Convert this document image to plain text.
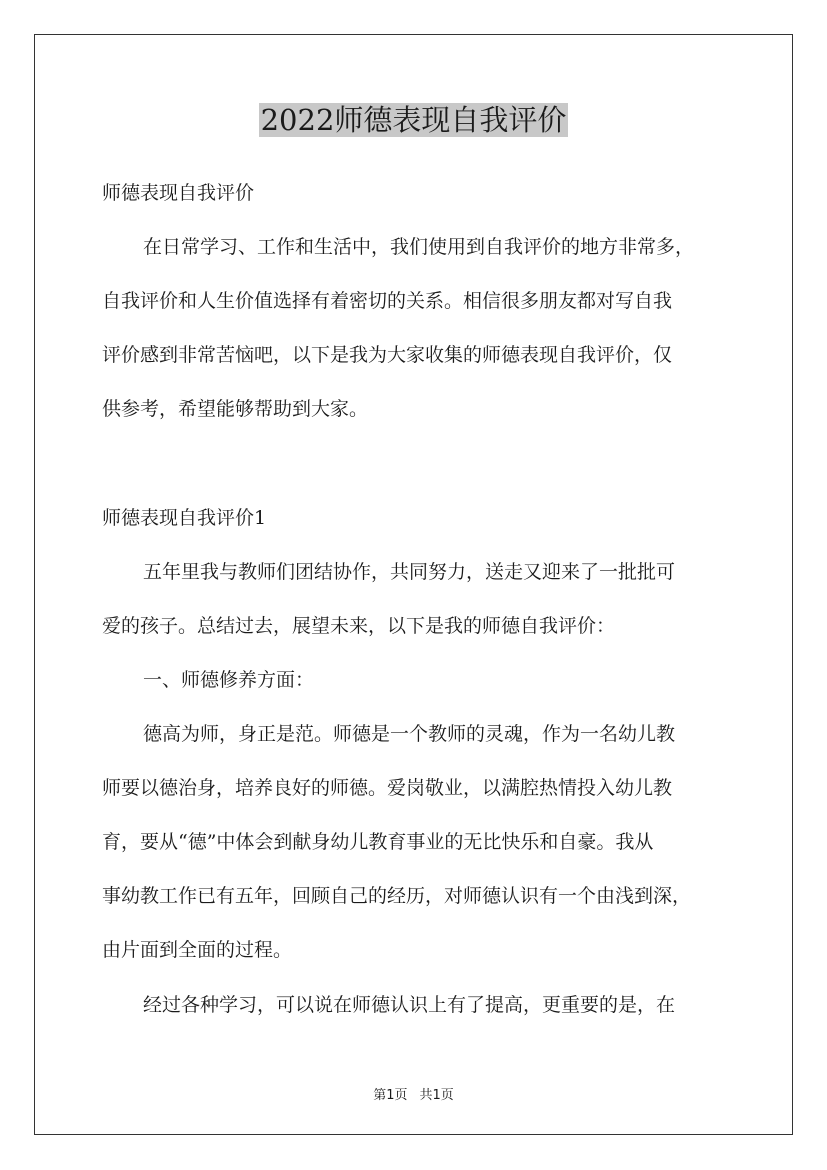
2022师德表现自我评价
师德表现自我评价
在日常学习、工作和生活中，我们使用到自我评价的地方非常多，
自我评价和人生价值选择有着密切的关系。相信很多朋友都对写自我
评价感到非常苦恼吧，以下是我为大家收集的师德表现自我评价，仅
供参考，希望能够帮助到大家。
师德表现自我评价1
五年里我与教师们团结协作，共同努力，送走又迎来了一批批可
爱的孩子。总结过去，展望未来，以下是我的师德自我评价：
一、师德修养方面：
德高为师，身正是范。师德是一个教师的灵魂，作为一名幼儿教
师要以德治身，培养良好的师德。爱岗敬业，以满腔热情投入幼儿教
育，要从“德”中体会到献身幼儿教育事业的无比快乐和自豪。我从
事幼教工作已有五年，回顾自己的经历，对师德认识有一个由浅到深，
由片面到全面的过程。
经过各种学习，可以说在师德认识上有了提高，更重要的是，在
第1页 共1页
